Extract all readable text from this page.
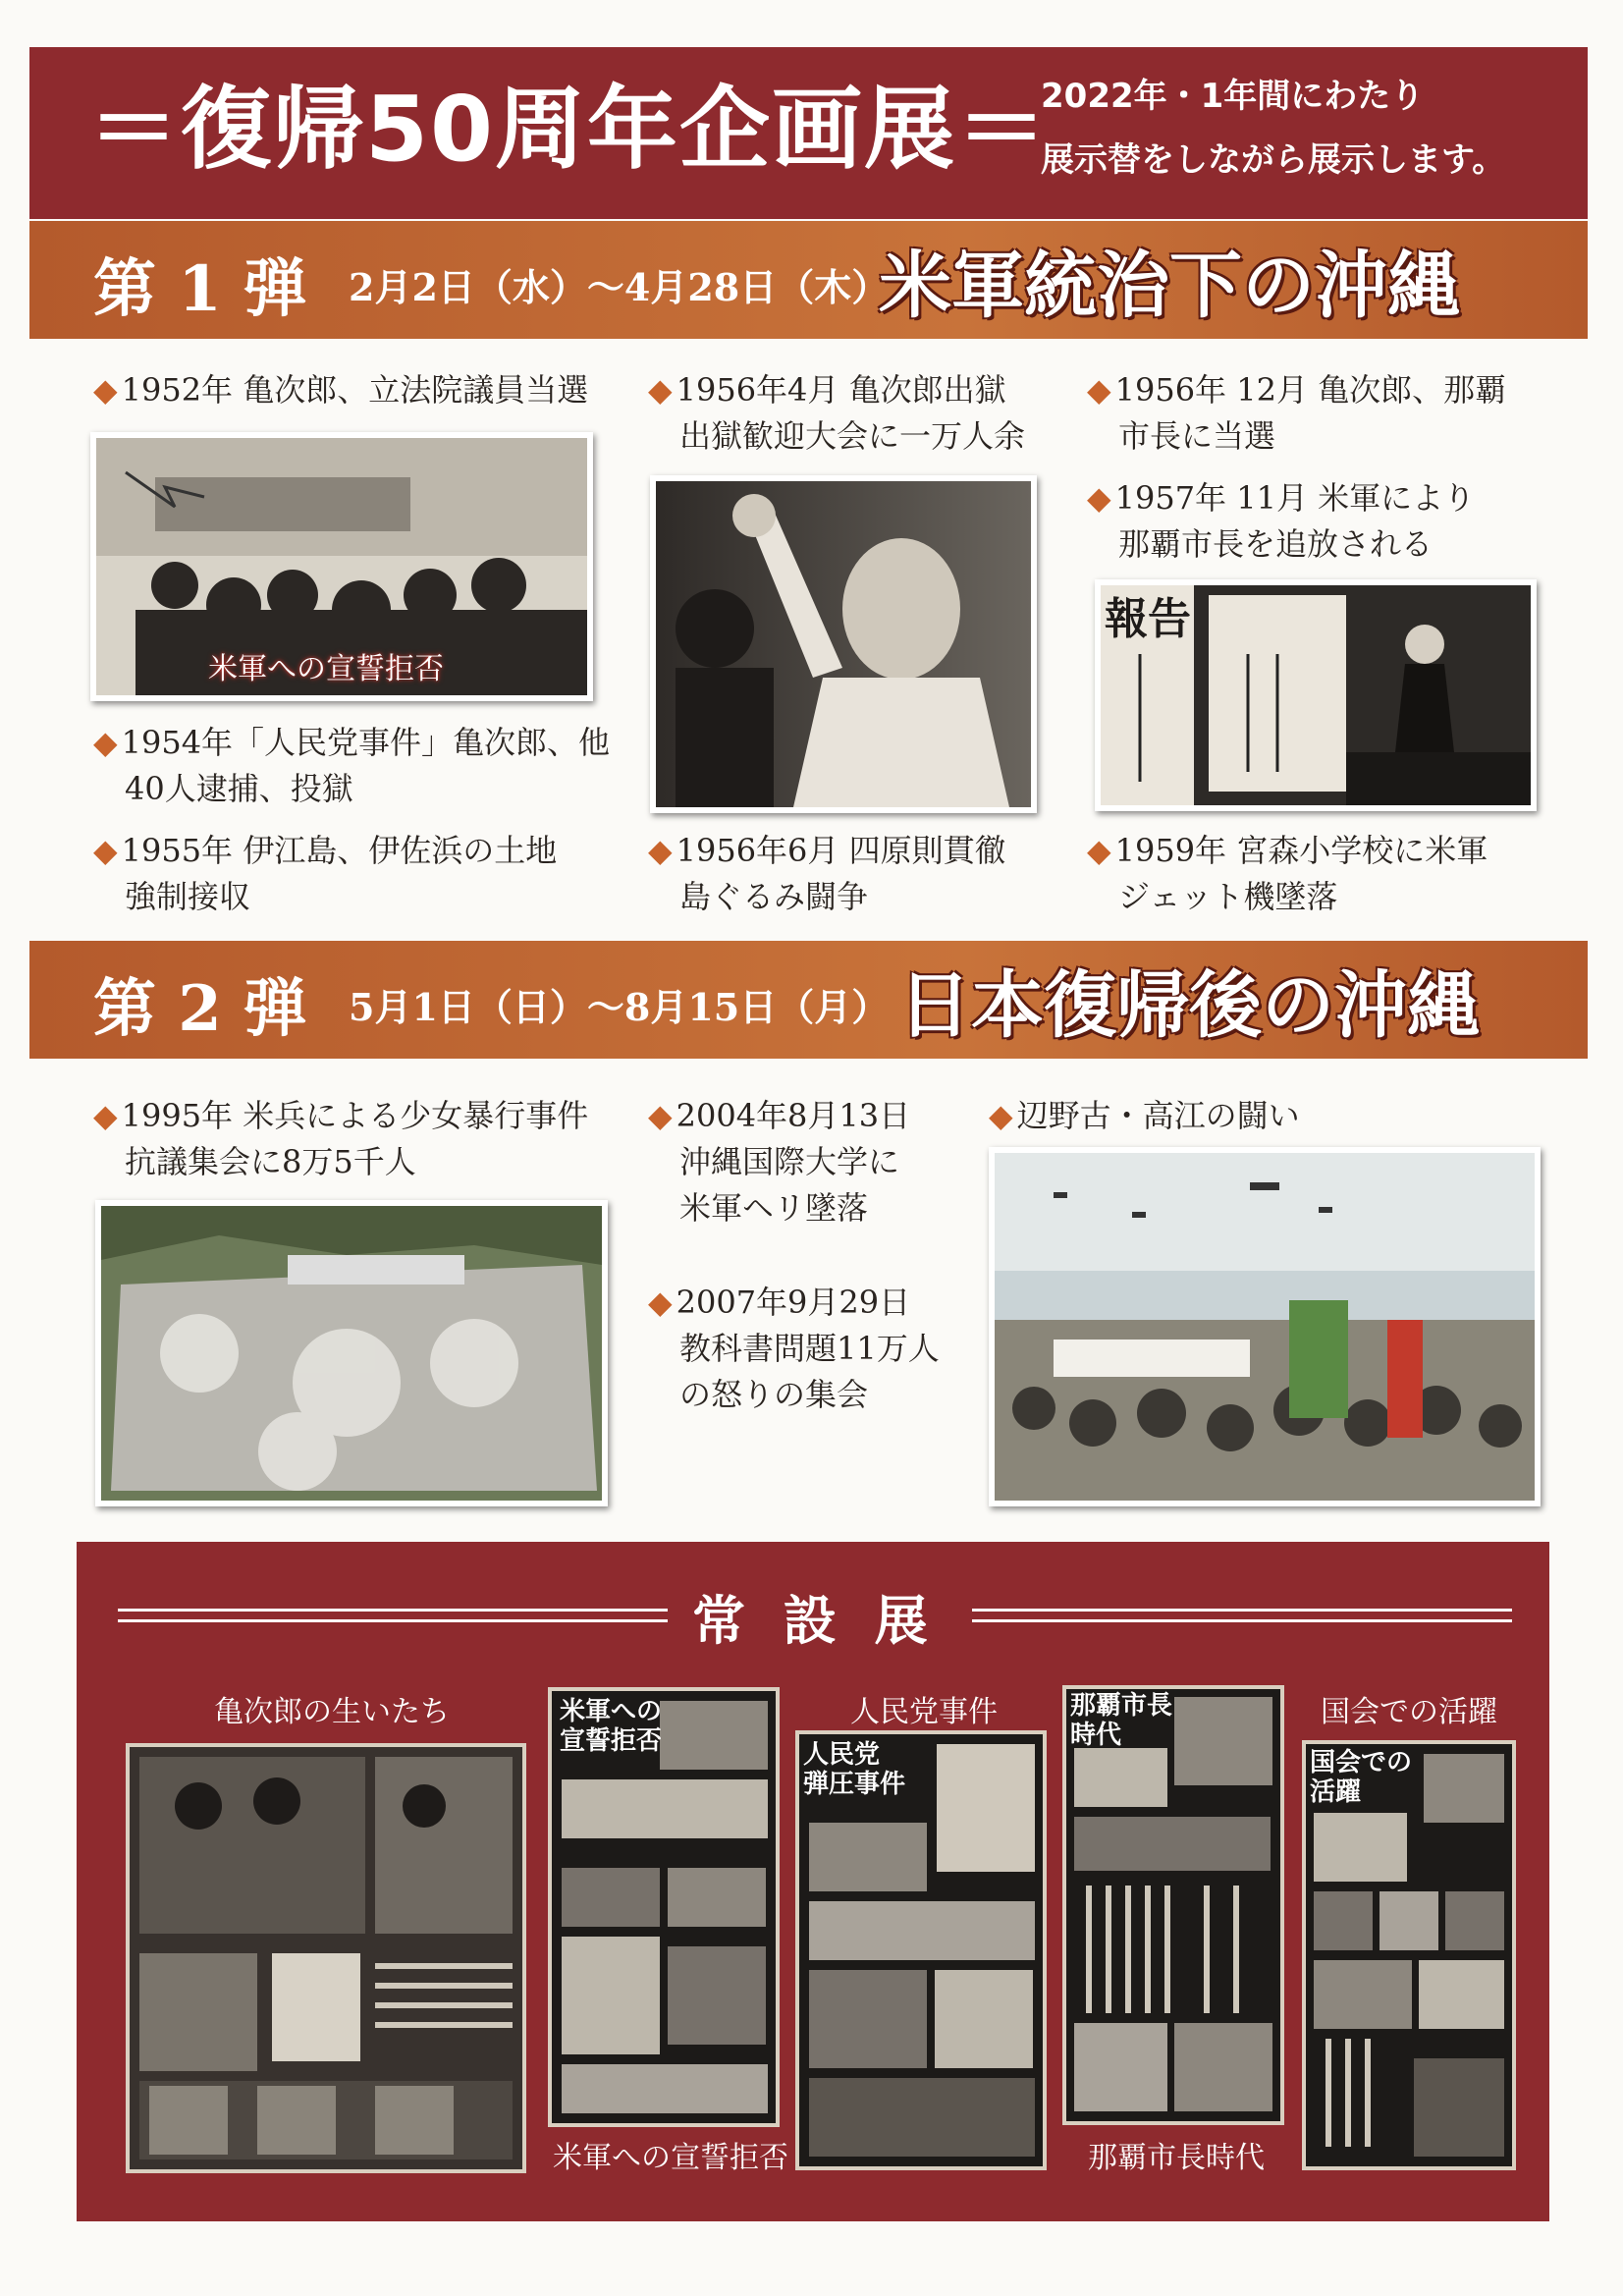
＝復帰50周年企画展＝
2022年・1年間にわたり
展示替をしながら展示します。
第 1 弾 2月2日（水）～4月28日（木）
米軍統治下の沖縄
◆ 1952年 亀次郎、立法院議員当選
米軍への宣誓拒否
◆ 1954年「人民党事件」亀次郎、他
40人逮捕、投獄
◆ 1955年 伊江島、伊佐浜の土地
強制接収
◆ 1956年4月 亀次郎出獄
出獄歓迎大会に一万人余
◆ 1956年6月 四原則貫徹
島ぐるみ闘争
◆ 1956年 12月 亀次郎、那覇
市長に当選
◆ 1957年 11月 米軍により
那覇市長を追放される
報告
◆ 1959年 宮森小学校に米軍
ジェット機墜落
第 2 弾 5月1日（日）～8月15日（月） 日本復帰後の沖縄
◆ 1995年 米兵による少女暴行事件
抗議集会に8万5千人
◆ 2004年8月13日
沖縄国際大学に
米軍ヘリ墜落
◆ 2007年9月29日
教科書問題11万人
の怒りの集会
◆ 辺野古・高江の闘い
常 設 展
亀次郎の生いたち	人民党事件	国会での活躍
米軍への宣誓拒否	那覇市長時代
米軍への
宣誓拒否	人民党
弾圧事件
那覇市長
時代
国会での
活躍
